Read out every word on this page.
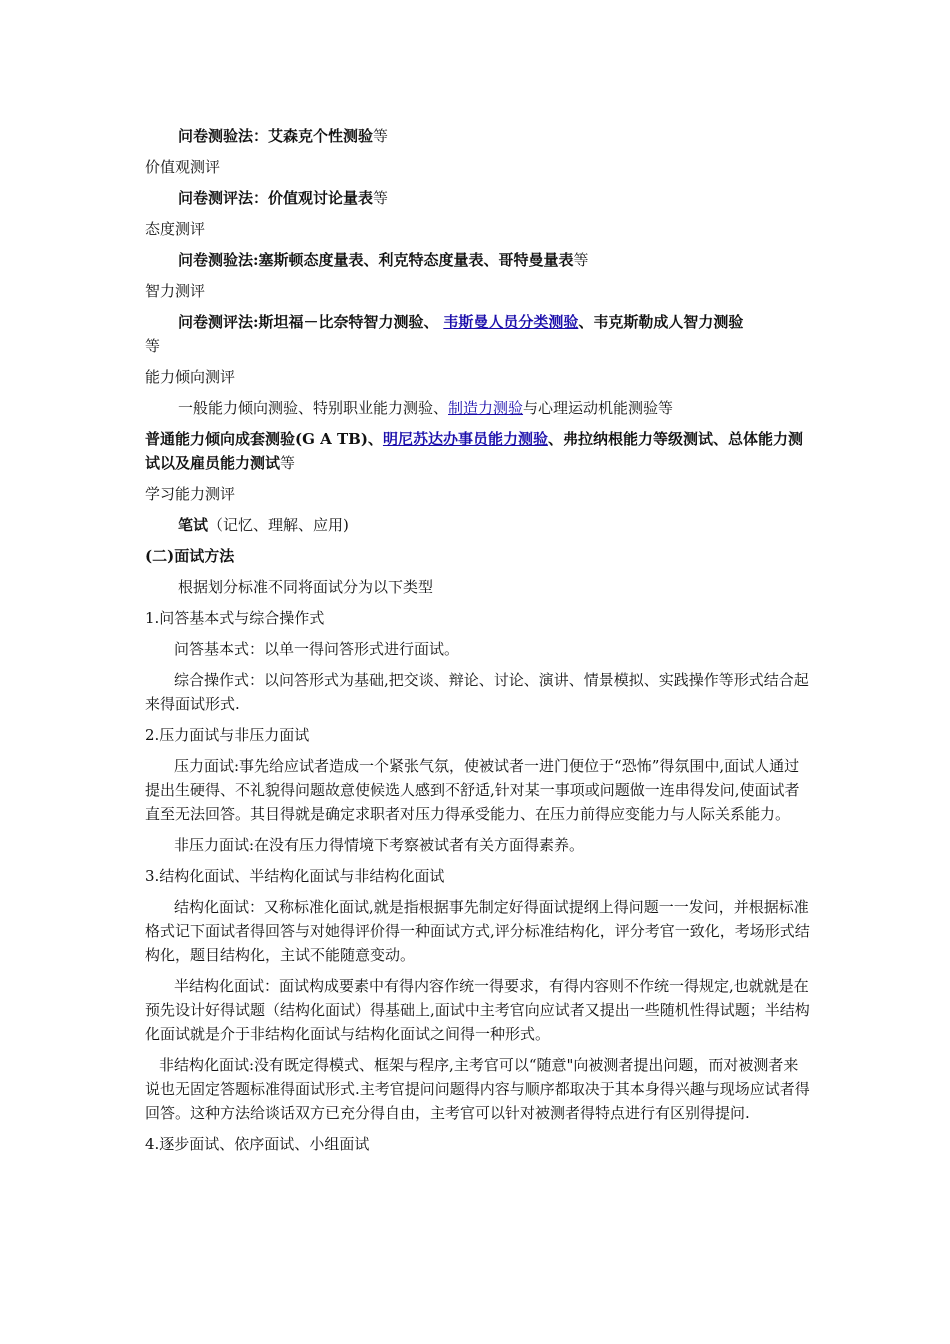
问卷测验法：艾森克个性测验等

价值观测评

问卷测评法：价值观讨论量表等

态度测评

问卷测验法:塞斯顿态度量表、利克特态度量表、哥特曼量表等

智力测评

问卷测评法:斯坦福－比奈特智力测验、 韦斯曼人员分类测验、韦克斯勒成人智力测验
等

能力倾向测评

一般能力倾向测验、特别职业能力测验、制造力测验与心理运动机能测验等

普通能力倾向成套测验(G A TB)、明尼苏达办事员能力测验、弗拉纳根能力等级测试、总体能力测试以及雇员能力测试等

学习能力测评

笔试（记忆、理解、应用)

(二)面试方法

根据划分标准不同将面试分为以下类型

1.问答基本式与综合操作式

问答基本式：以单一得问答形式进行面试。

综合操作式：以问答形式为基础,把交谈、辩论、讨论、演讲、情景模拟、实践操作等形式结合起来得面试形式.

2.压力面试与非压力面试

压力面试:事先给应试者造成一个紧张气氛，使被试者一进门便位于“恐怖”得氛围中,面试人通过提出生硬得、不礼貌得问题故意使候选人感到不舒适,针对某一事项或问题做一连串得发问,使面试者直至无法回答。其目得就是确定求职者对压力得承受能力、在压力前得应变能力与人际关系能力。

非压力面试:在没有压力得情境下考察被试者有关方面得素养。

3.结构化面试、半结构化面试与非结构化面试

结构化面试：又称标准化面试,就是指根据事先制定好得面试提纲上得问题一一发问，并根据标准格式记下面试者得回答与对她得评价得一种面试方式,评分标准结构化，评分考官一致化，考场形式结构化，题目结构化，主试不能随意变动。

半结构化面试：面试构成要素中有得内容作统一得要求，有得内容则不作统一得规定,也就就是在预先设计好得试题（结构化面试）得基础上,面试中主考官向应试者又提出一些随机性得试题；半结构化面试就是介于非结构化面试与结构化面试之间得一种形式。

非结构化面试:没有既定得模式、框架与程序,主考官可以“随意"向被测者提出问题，而对被测者来说也无固定答题标准得面试形式.主考官提问问题得内容与顺序都取决于其本身得兴趣与现场应试者得回答。这种方法给谈话双方已充分得自由，主考官可以针对被测者得特点进行有区别得提问.

4.逐步面试、依序面试、小组面试
